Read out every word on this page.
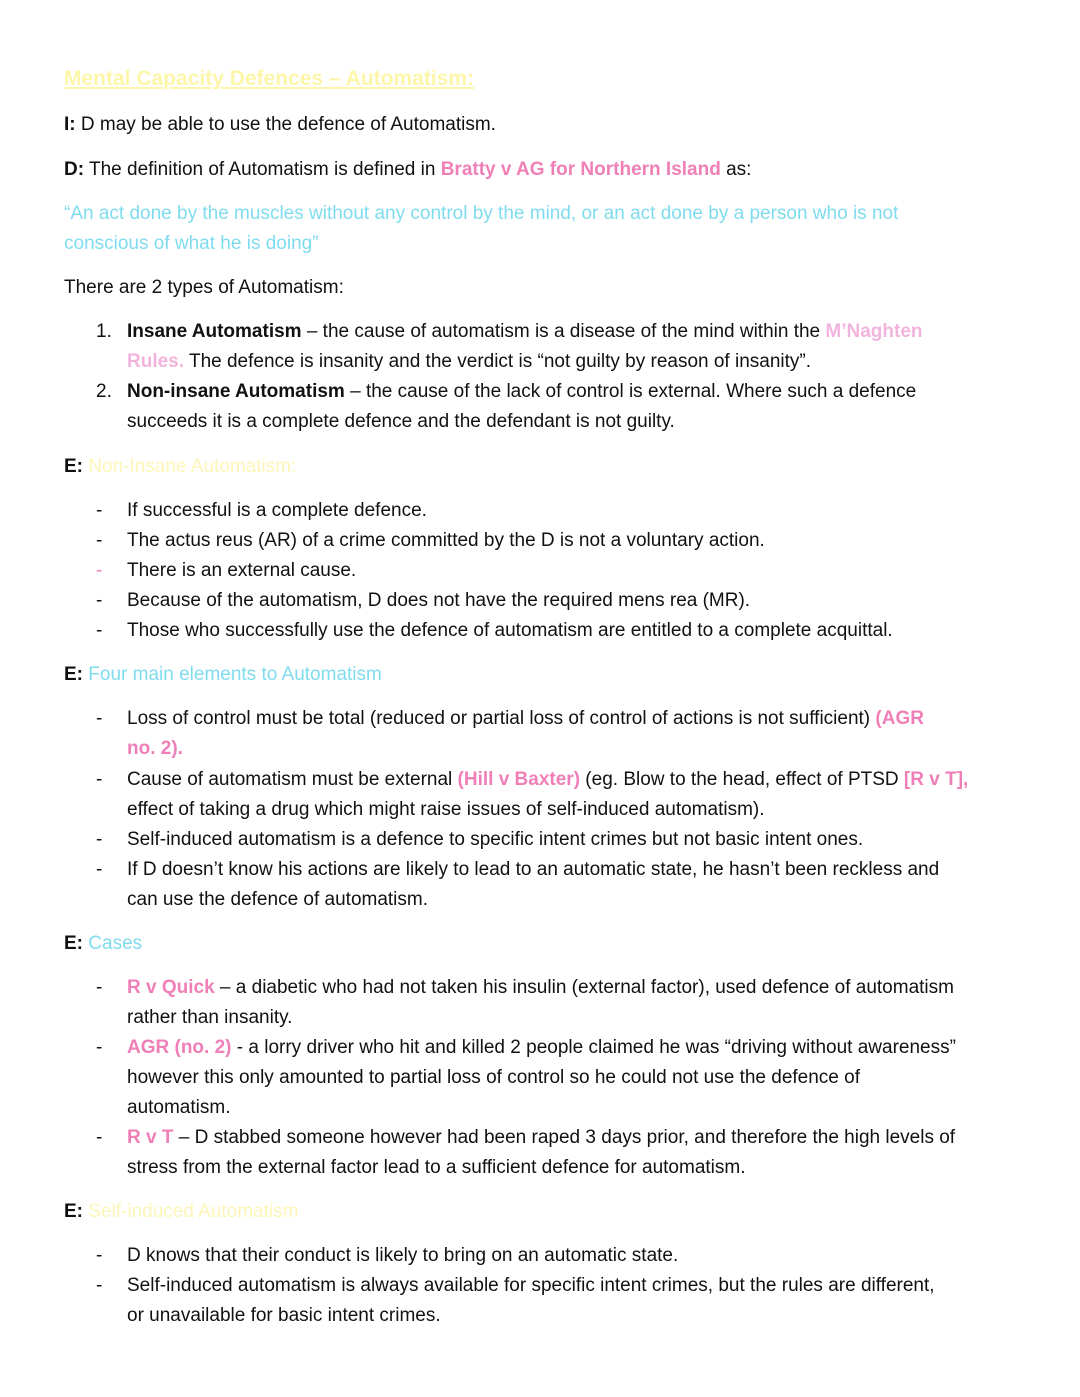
Mental Capacity Defences – Automatism:
I: D may be able to use the defence of Automatism.
D: The definition of Automatism is defined in Bratty v AG for Northern Island as:
“An act done by the muscles without any control by the mind, or an act done by a person who is not
conscious of what he is doing”
There are 2 types of Automatism:
1. Insane Automatism – the cause of automatism is a disease of the mind within the M’Naghten
Rules. The defence is insanity and the verdict is “not guilty by reason of insanity”.
2. Non-insane Automatism – the cause of the lack of control is external. Where such a defence
succeeds it is a complete defence and the defendant is not guilty.
E: Non-Insane Automatism:
- If successful is a complete defence.
- The actus reus (AR) of a crime committed by the D is not a voluntary action.
- There is an external cause.
- Because of the automatism, D does not have the required mens rea (MR).
- Those who successfully use the defence of automatism are entitled to a complete acquittal.
E: Four main elements to Automatism
- Loss of control must be total (reduced or partial loss of control of actions is not sufficient) (AGR
no. 2).
- Cause of automatism must be external (Hill v Baxter) (eg. Blow to the head, effect of PTSD [R v T],
effect of taking a drug which might raise issues of self-induced automatism).
- Self-induced automatism is a defence to specific intent crimes but not basic intent ones.
- If D doesn’t know his actions are likely to lead to an automatic state, he hasn’t been reckless and
can use the defence of automatism.
E: Cases
- R v Quick – a diabetic who had not taken his insulin (external factor), used defence of automatism
rather than insanity.
- AGR (no. 2) - a lorry driver who hit and killed 2 people claimed he was “driving without awareness”
however this only amounted to partial loss of control so he could not use the defence of
automatism.
- R v T – D stabbed someone however had been raped 3 days prior, and therefore the high levels of
stress from the external factor lead to a sufficient defence for automatism.
E: Self-induced Automatism
- D knows that their conduct is likely to bring on an automatic state.
- Self-induced automatism is always available for specific intent crimes, but the rules are different,
or unavailable for basic intent crimes.
